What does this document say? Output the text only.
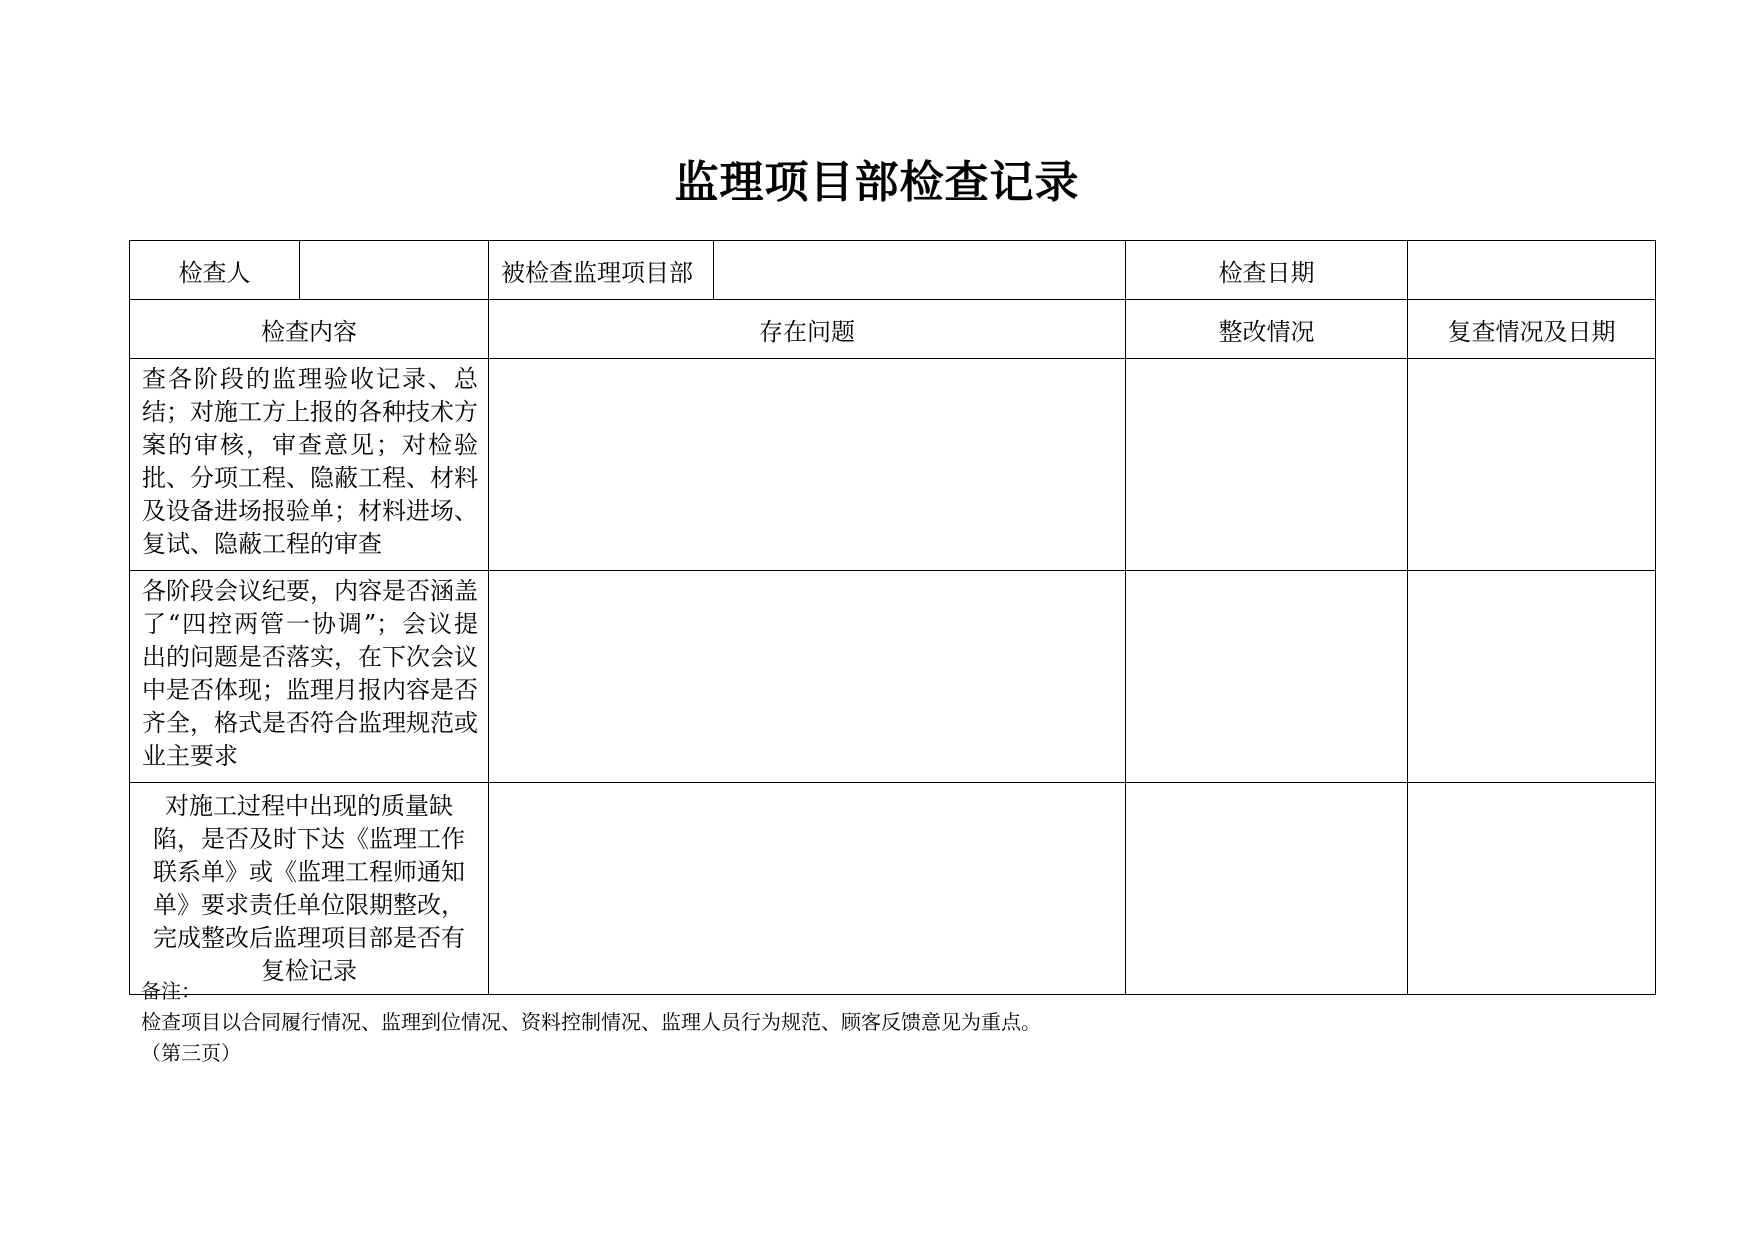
监理项目部检查记录
检查人		被检查监理项目部		检查日期	
检查内容		存在问题		整改情况	复查情况及日期
查各阶段的监理验收记录、总结；对施工方上报的各种技术方案的审核，审查意见；对检验批、分项工程、隐蔽工程、材料及设备进场报验单；材料进场、复试、隐蔽工程的审查					
各阶段会议纪要，内容是否涵盖了“四控两管一协调”；会议提出的问题是否落实，在下次会议中是否体现；监理月报内容是否齐全，格式是否符合监理规范或业主要求					
对施工过程中出现的质量缺陷，是否及时下达《监理工作联系单》或《监理工程师通知单》要求责任单位限期整改，完成整改后监理项目部是否有复检记录					
备注：
检查项目以合同履行情况、监理到位情况、资料控制情况、监理人员行为规范、顾客反馈意见为重点。
（第三页）
